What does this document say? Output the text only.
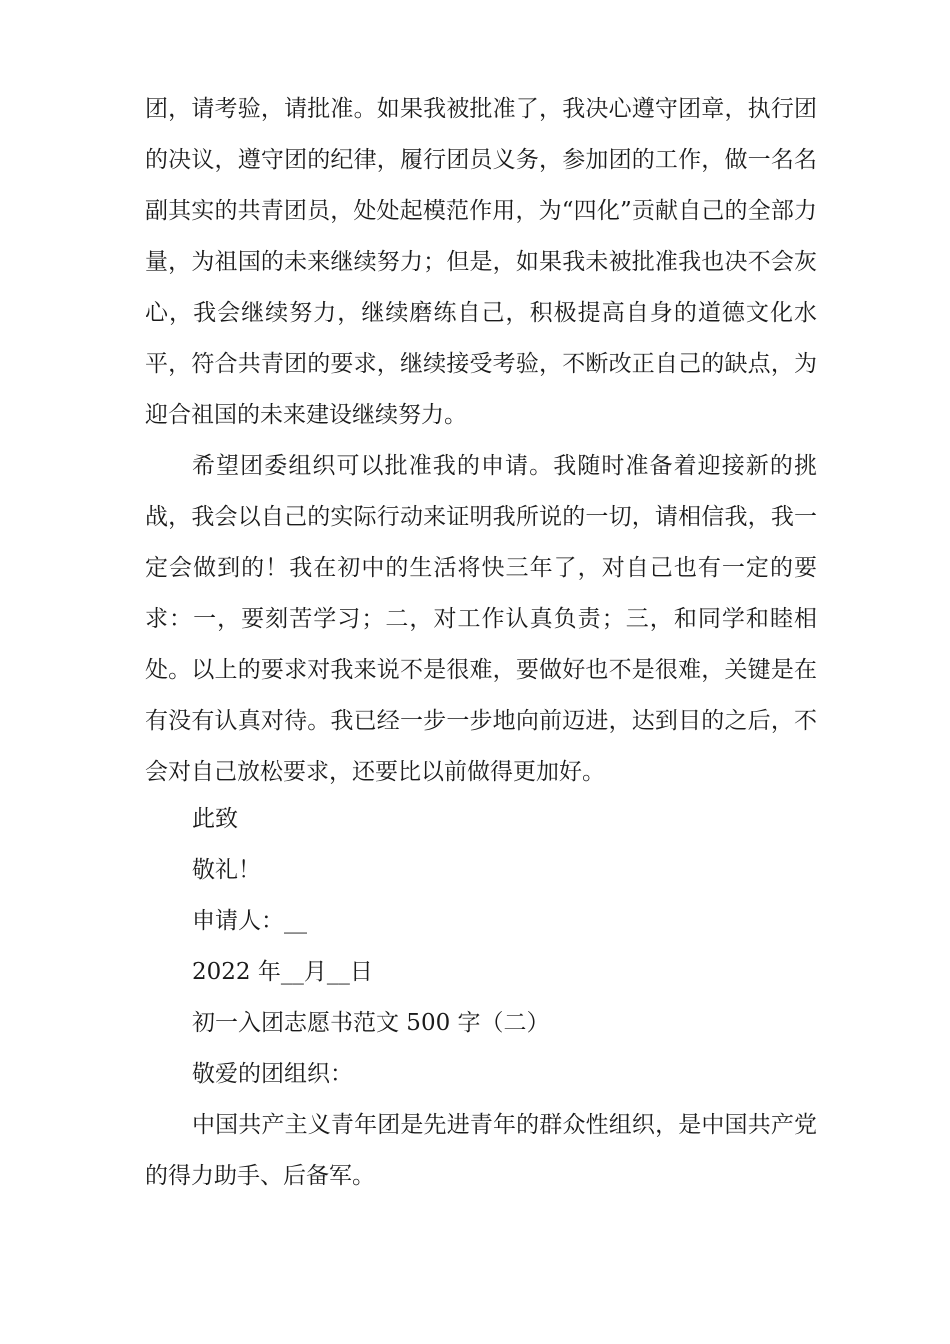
团，请考验，请批准。如果我被批准了，我决心遵守团章，执行团的决议，遵守团的纪律，履行团员义务，参加团的工作，做一名名副其实的共青团员，处处起模范作用，为“四化”贡献自己的全部力量，为祖国的未来继续努力；但是，如果我未被批准我也决不会灰心，我会继续努力，继续磨练自己，积极提高自身的道德文化水平，符合共青团的要求，继续接受考验，不断改正自己的缺点，为迎合祖国的未来建设继续努力。

希望团委组织可以批准我的申请。我随时准备着迎接新的挑战，我会以自己的实际行动来证明我所说的一切，请相信我，我一定会做到的！我在初中的生活将快三年了，对自己也有一定的要求：一，要刻苦学习；二，对工作认真负责；三，和同学和睦相处。以上的要求对我来说不是很难，要做好也不是很难，关键是在有没有认真对待。我已经一步一步地向前迈进，达到目的之后，不会对自己放松要求，还要比以前做得更加好。

此致

敬礼！

申请人：__

2022 年__月__日

初一入团志愿书范文 500 字（二）

敬爱的团组织：

中国共产主义青年团是先进青年的群众性组织，是中国共产党的得力助手、后备军。
